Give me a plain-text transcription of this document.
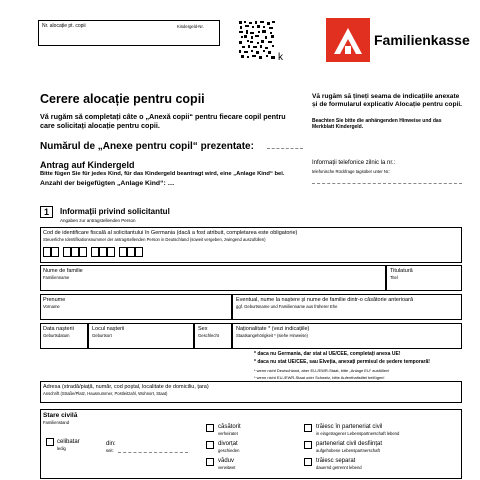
Nr. alocație pt. copii	Kindergeld-Nr.
k
Familienkasse
Cerere alocație pentru copii
Vă rugăm să completați câte o „Anexă copii“ pentru fiecare copil pentru care solicitați alocație pentru copii.
Vă rugăm să țineți seama de indicațiile anexate și de formularul explicativ Alocație pentru copii.
Beachten Sie bitte die anhängenden Hinweise und das Merkblatt Kindergeld.
Numărul de „Anexe pentru copil“ prezentate:
Antrag auf Kindergeld
Bitte fügen Sie für jedes Kind, für das Kindergeld beantragt wird, eine „Anlage Kind“ bei.
Anzahl der beigefügten „Anlage Kind“: …
Informații telefonice zilnic la nr.:
telefonische Rückfrage tagsüber unter Nr.:
1 Informații privind solicitantul
Angaben zur antragstellenden Person
Cod de identificare fiscală al solicitantului în Germania (dacă a fost atribuit, completarea este obligatorie)
Steuerliche Identifikationsnummer der antragstellenden Person in Deutschland (soweit vergeben, zwingend auszufüllen)
Nume de familie
Familienname
Titulatură
Titel
Prenume
Vorname
Eventual, nume la naștere și nume de familie dintr-o căsătorie anterioară
ggf. Geburtsname und Familienname aus früherer Ehe
Data nașterii
Geburtsdatum
Locul nașterii
Geburtsort
Sex
Geschlecht
Naționalitate * (vezi indicațiile)
Staatsangehörigkeit * (siehe Hinweise)
* daca nu Germania, dar stat al UE/CEE, completați anexa UE!
* daca nu stat UE/CEE, sau Elveția, anexați permisul de ședere temporară!
* wenn nicht Deutschland, aber EU-/EWR-Staat, bitte „Anlage EU“ ausfüllen!
* wenn nicht EU-/EWR-Staat oder Schweiz, bitte Aufenthaltstitel beifügen!
Adresa (stradă/piață, număr, cod poștal, localitate de domiciliu, țara)
Anschrift (Straße/Platz, Hausnummer, Postleitzahl, Wohnort, Staat)
Stare civilă
Familienstand
celibatar
ledig
din:
seit:
căsătorit
verheiratet
divorțat
geschieden
văduv
verwitwet
trăiesc în parteneriat civil
in eingetragener Lebenspartnerschaft lebend
parteneriat civil desființat
aufgehobene Lebenspartnerschaft
trăiesc separat
dauernd getrennt lebend
